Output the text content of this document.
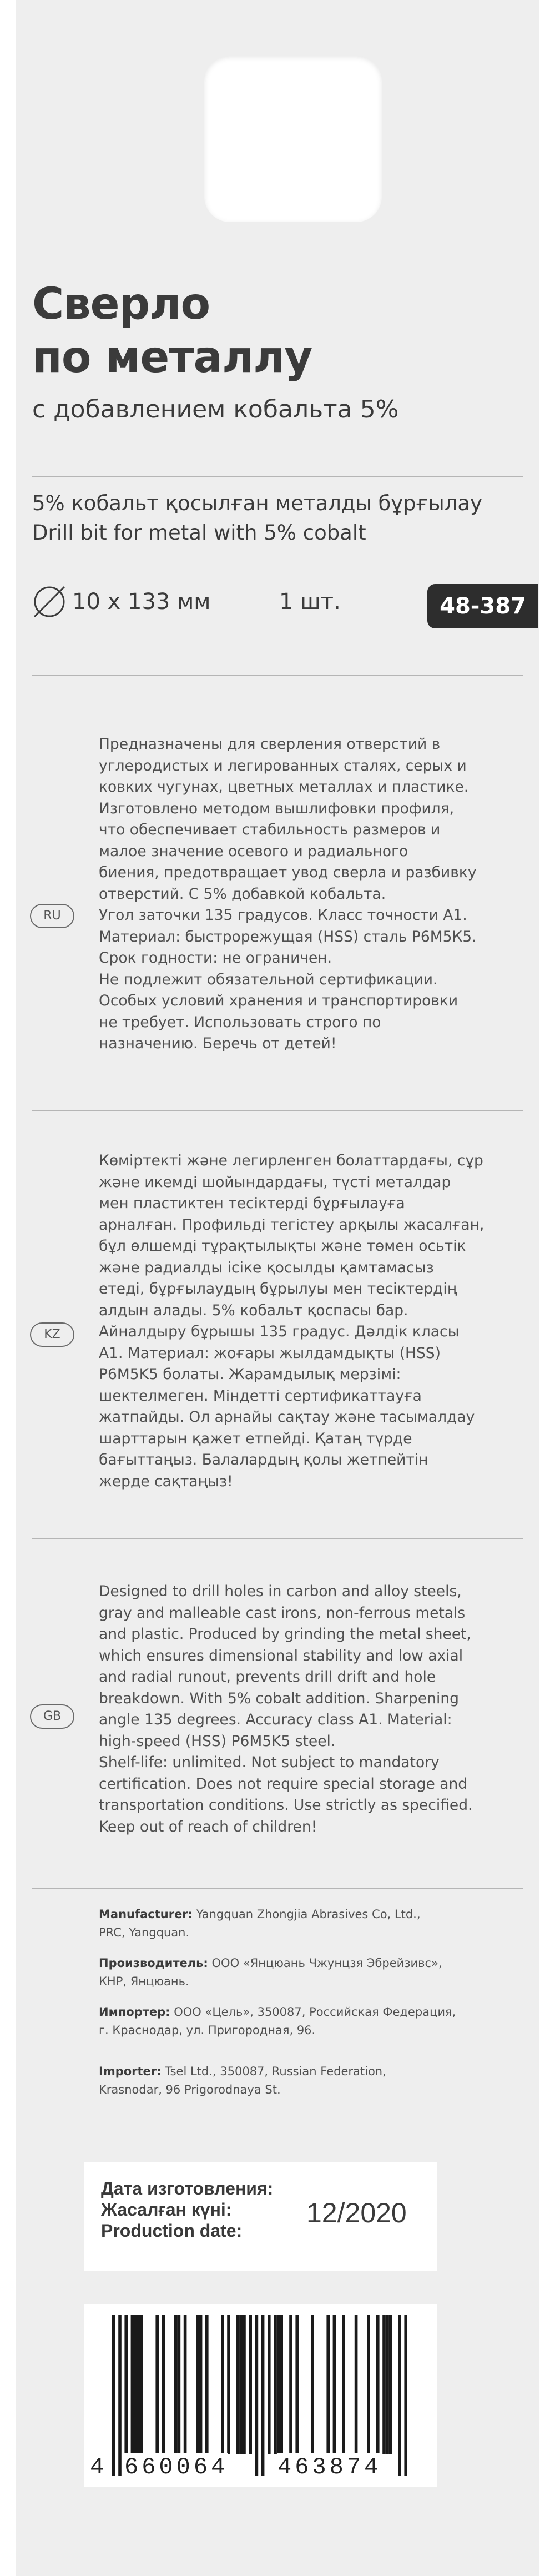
Сверло
по металлу
с добавлением кобальта 5%
5% кобальт қосылған металды бұрғылау
Drill bit for metal with 5% cobalt
10 х 133 мм	1 шт.	48-387
Предназначены для сверления отверстий в
углеродистых и легированных сталях, серых и
ковких чугунах, цветных металлах и пластике.
Изготовлено методом вышлифовки профиля,
что обеспечивает стабильность размеров и
малое значение осевого и радиального
биения, предотвращает увод сверла и разбивку
отверстий. С 5% добавкой кобальта.
Угол заточки 135 градусов. Класс точности А1.
Материал: быстрорежущая (HSS) сталь Р6М5К5.
Срок годности: не ограничен.
Не подлежит обязательной сертификации.
Особых условий хранения и транспортировки
не требует. Использовать строго по
назначению. Беречь от детей!
RU
Көміртекті және легирленген болаттардағы, сұр
және икемді шойындардағы, түсті металдар
мен пластиктен тесіктерді бұрғылауға
арналған. Профильді тегістеу арқылы жасалған,
бұл өлшемді тұрақтылықты және төмен осьтік
және радиалды ісіке қосылды қамтамасыз
етеді, бұрғылаудың бұрылуы мен тесіктердің
алдын алады. 5% кобальт қоспасы бар.
Айналдыру бұрышы 135 градус. Дәлдік класы
А1. Материал: жоғары жылдамдықты (HSS)
P6M5K5 болаты. Жарамдылық мерзімі:
шектелмеген. Міндетті сертификаттауға
жатпайды. Ол арнайы сақтау және тасымалдау
шарттарын қажет етпейді. Қатаң түрде
бағыттаңыз. Балалардың қолы жетпейтін
жерде сақтаңыз!
KZ
Designed to drill holes in carbon and alloy steels,
gray and malleable cast irons, non-ferrous metals
and plastic. Produced by grinding the metal sheet,
which ensures dimensional stability and low axial
and radial runout, prevents drill drift and hole
breakdown. With 5% cobalt addition. Sharpening
angle 135 degrees. Accuracy class A1. Material:
high-speed (HSS) P6M5K5 steel.
Shelf-life: unlimited. Not subject to mandatory
certification. Does not require special storage and
transportation conditions. Use strictly as specified.
Keep out of reach of children!
GB
Manufacturer: Yangquan Zhongjia Abrasives Co, Ltd.,
PRC, Yangquan.
Производитель: ООО «Янцюань Чжунцзя Эбрейзивс»,
КНР, Янцюань.
Импортер: ООО «Цель», 350087, Российская Федерация,
г. Краснодар, ул. Пригородная, 96.
Importer: Tsel Ltd., 350087, Russian Federation,
Krasnodar, 96 Prigorodnaya St.
Дата изготовления:
Жасалған күні:
Production date:
12/2020
4 660064 463874
